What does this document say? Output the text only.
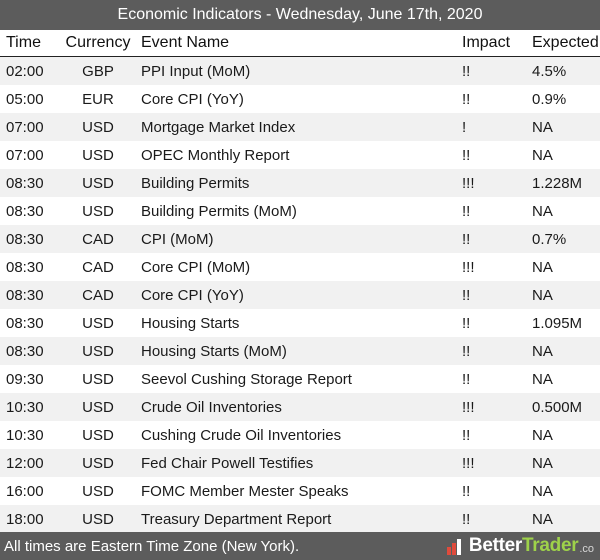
Economic Indicators - Wednesday, June 17th, 2020
Time	Currency	Event Name	Impact	Expected
02:00	GBP	PPI Input (MoM)	!!	4.5%
05:00	EUR	Core CPI (YoY)	!!	0.9%
07:00	USD	Mortgage Market Index	!	NA
07:00	USD	OPEC Monthly Report	!!	NA
08:30	USD	Building Permits	!!!	1.228M
08:30	USD	Building Permits (MoM)	!!	NA
08:30	CAD	CPI (MoM)	!!	0.7%
08:30	CAD	Core CPI (MoM)	!!!	NA
08:30	CAD	Core CPI (YoY)	!!	NA
08:30	USD	Housing Starts	!!	1.095M
08:30	USD	Housing Starts (MoM)	!!	NA
09:30	USD	Seevol Cushing Storage Report	!!	NA
10:30	USD	Crude Oil Inventories	!!!	0.500M
10:30	USD	Cushing Crude Oil Inventories	!!	NA
12:00	USD	Fed Chair Powell Testifies	!!!	NA
16:00	USD	FOMC Member Mester Speaks	!!	NA
18:00	USD	Treasury Department Report	!!	NA
All times are Eastern Time Zone (New York).	Better Trader .co
